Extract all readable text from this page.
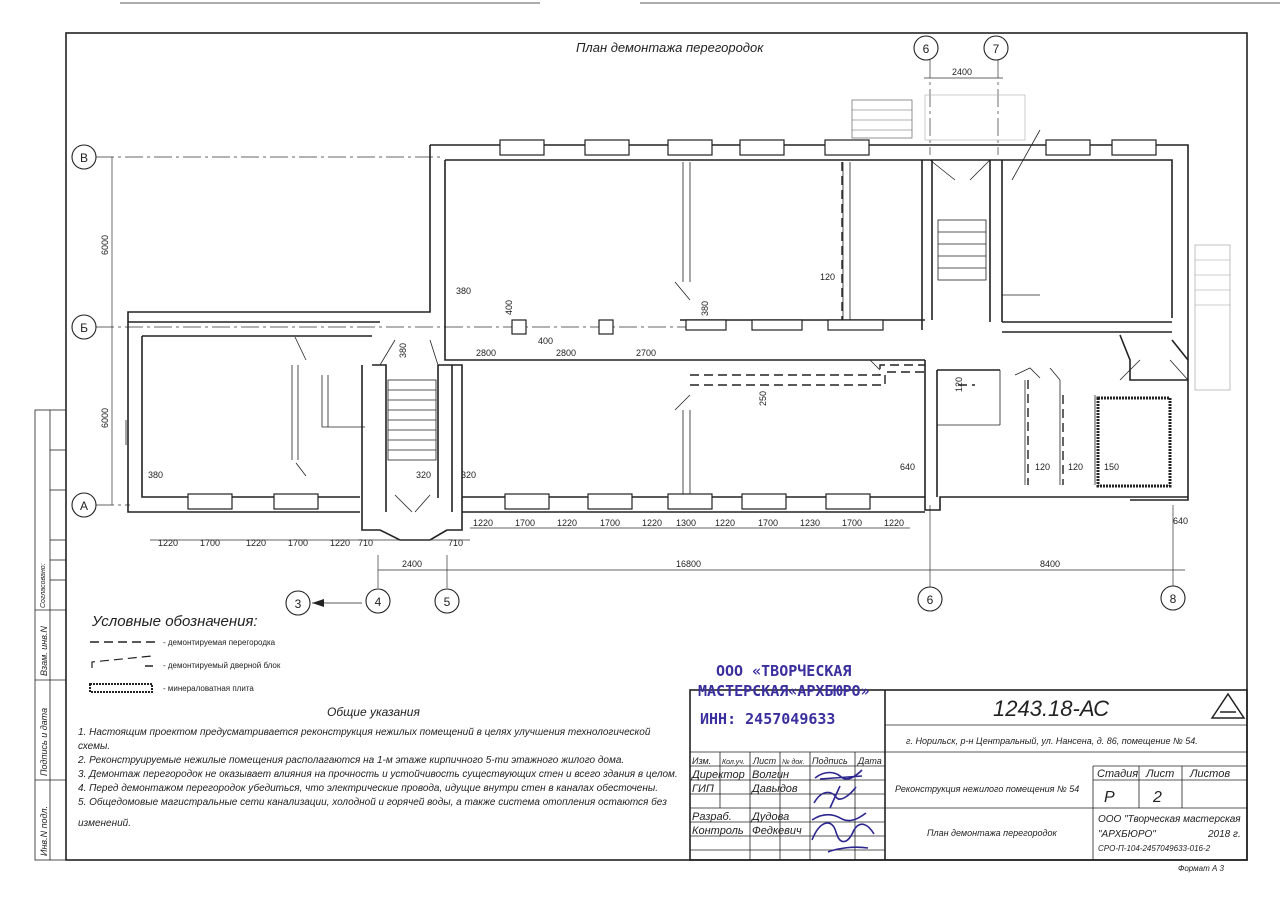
Согласовано:
Взам. инв.N
Подпись и дата
Инв.N подл.
План демонтажа перегородок
В
Б
А
6	7
2400
3	4	5	6	8
6000
6000
380
380
380
380
400
400
2800	2800	2700
120
120 120
120
150
250
320	320
640
640
1220 1700	1220 1700 1220 710	710
1220 1700 1220	1700 1220 1300 1220	1700 1230 1700 1220
2400	16800	8400
Условные обозначения:
- демонтируемая перегородка
- демонтируемый дверной блок
- минераловатная плита
Общие указания
1. Настоящим проектом предусматривается реконструкция нежилых помещений в целях улучшения технологической
схемы.
2. Реконструируемые нежилые помещения располагаются на 1-м этаже кирпичного 5-ти этажного жилого дома.
3. Демонтаж перегородок не оказывает влияния на прочность и устойчивость существующих стен и всего здания в целом.
4. Перед демонтажом перегородок убедиться, что электрические провода, идущие внутри стен в каналах обесточены.
5. Общедомовые магистральные сети канализации, холодной и горячей воды, а также система отопления остаются без
изменений.
1243.18-АС
г. Норильск, р-н Центральный, ул. Нансена, д. 86, помещение № 54.
Реконструкция нежилого помещения № 54
План демонтажа перегородок
Изм. Кол.уч. Лист № док. Подпись Дата
Директор Волгин
ГИП	Давыдов
Разраб. Дудова
Контроль Федкевич
Стадия Лист Листов
Р 2
ООО "Творческая мастерская
"АРХБЮРО"	2018 г.
СРО-П-104-2457049633-016-2
Формат А 3
ООО «ТВОРЧЕСКАЯ
МАСТЕРСКАЯ«АРХБЮРО»
ИНН: 2457049633
